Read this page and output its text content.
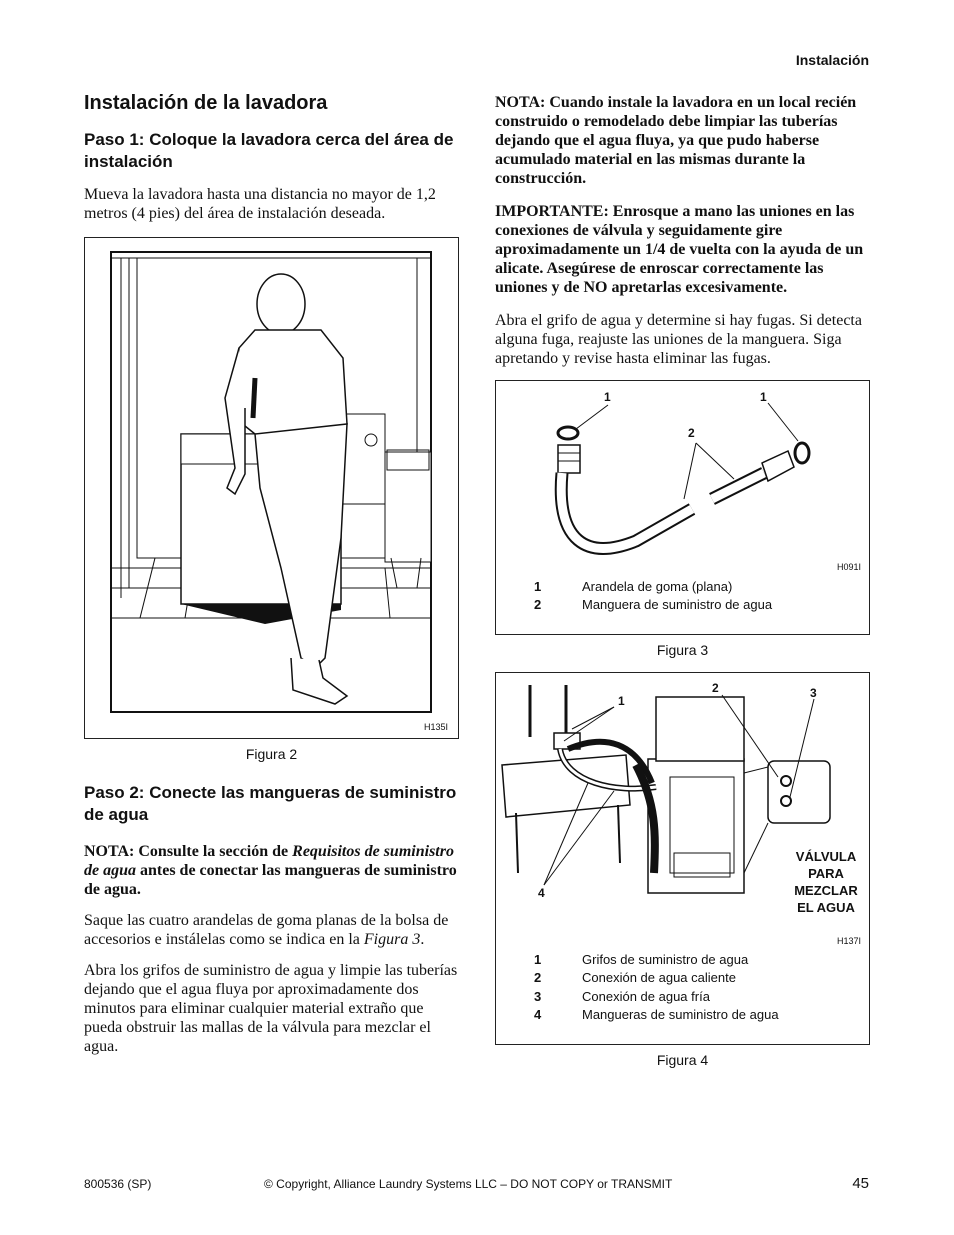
Instalación
Instalación de la lavadora
Paso 1: Coloque la lavadora cerca del área de instalación

Mueva la lavadora hasta una distancia no mayor de 1,2 metros (4 pies) del área de instalación deseada.

H135I
Figura 2
Paso 2: Conecte las mangueras de suministro de agua

NOTA: Consulte la sección de Requisitos de suministro de agua antes de conectar las mangueras de suministro de agua.

Saque las cuatro arandelas de goma planas de la bolsa de accesorios e instálelas como se indica en la Figura 3.

Abra los grifos de suministro de agua y limpie las tuberías dejando que el agua fluya por aproximadamente dos minutos para eliminar cualquier material extraño que pueda obstruir las mallas de la válvula para mezclar el agua.

NOTA: Cuando instale la lavadora en un local recién construido o remodelado debe limpiar las tuberías dejando que el agua fluya, ya que pudo haberse acumulado material en las mismas durante la construcción.

IMPORTANTE: Enrosque a mano las uniones en las conexiones de válvula y seguidamente gire aproximadamente un 1/4 de vuelta con la ayuda de un alicate. Asegúrese de enroscar correctamente las uniones y de NO apretarlas excesivamente.

Abra el grifo de agua y determine si hay fugas. Si detecta alguna fuga, reajuste las uniones de la manguera. Siga apretando y revise hasta eliminar las fugas.

1	1
2
H091I
1	Arandela de goma (plana)
2	Manguera de suministro de agua
Figura 3
1
2	3
4
VÁLVULA
PARA
MEZCLAR
EL AGUA
H137I
1	Grifos de suministro de agua
2	Conexión de agua caliente
3	Conexión de agua fría
4	Mangueras de suministro de agua
Figura 4
800536 (SP)	© Copyright, Alliance Laundry Systems LLC – DO NOT COPY or TRANSMIT	45
